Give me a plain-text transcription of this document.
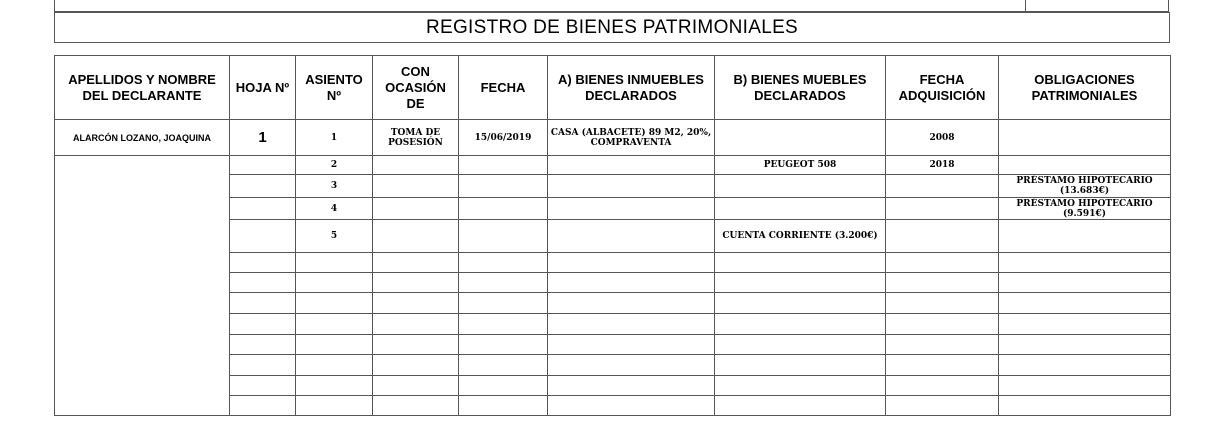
REGISTRO DE BIENES PATRIMONIALES
APELLIDOS Y NOMBRE DEL DECLARANTE	HOJA Nº	ASIENTO Nº	CON OCASIÓN DE	FECHA	A) BIENES INMUEBLES DECLARADOS	B) BIENES MUEBLES DECLARADOS	FECHA ADQUISICIÓN	OBLIGACIONES PATRIMONIALES
ALARCÓN LOZANO, JOAQUINA	1	1	TOMA DE POSESIÓN	15/06/2019	CASA (ALBACETE) 89 M2, 20%, COMPRAVENTA		2008	
		2				PEUGEOT 508	2018	
		3						PRÉSTAMO HIPOTECARIO (13.683€)
		4						PRÉSTAMO HIPOTECARIO (9.591€)
		5				CUENTA CORRIENTE (3.200€)		
